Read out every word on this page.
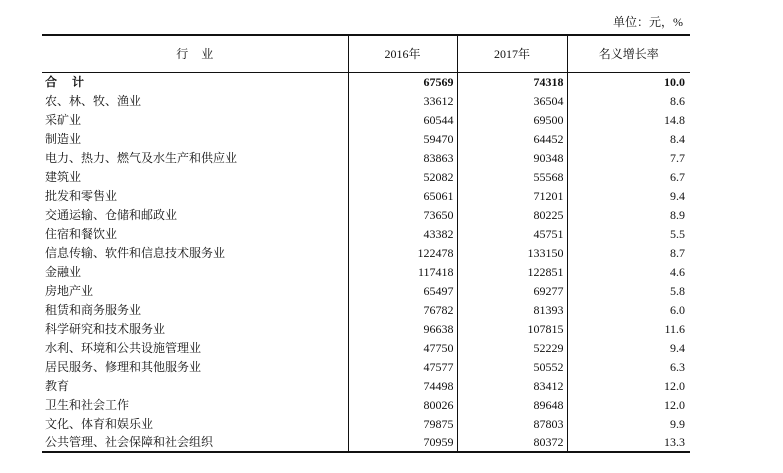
单位：元，%
行 业	2016年	2017年	名义增长率
合 计	67569	74318	10.0
农、林、牧、渔业	33612	36504	8.6
采矿业	60544	69500	14.8
制造业	59470	64452	8.4
电力、热力、燃气及水生产和供应业	83863	90348	7.7
建筑业	52082	55568	6.7
批发和零售业	65061	71201	9.4
交通运输、仓储和邮政业	73650	80225	8.9
住宿和餐饮业	43382	45751	5.5
信息传输、软件和信息技术服务业	122478	133150	8.7
金融业	117418	122851	4.6
房地产业	65497	69277	5.8
租赁和商务服务业	76782	81393	6.0
科学研究和技术服务业	96638	107815	11.6
水利、环境和公共设施管理业	47750	52229	9.4
居民服务、修理和其他服务业	47577	50552	6.3
教育	74498	83412	12.0
卫生和社会工作	80026	89648	12.0
文化、体育和娱乐业	79875	87803	9.9
公共管理、社会保障和社会组织	70959	80372	13.3
